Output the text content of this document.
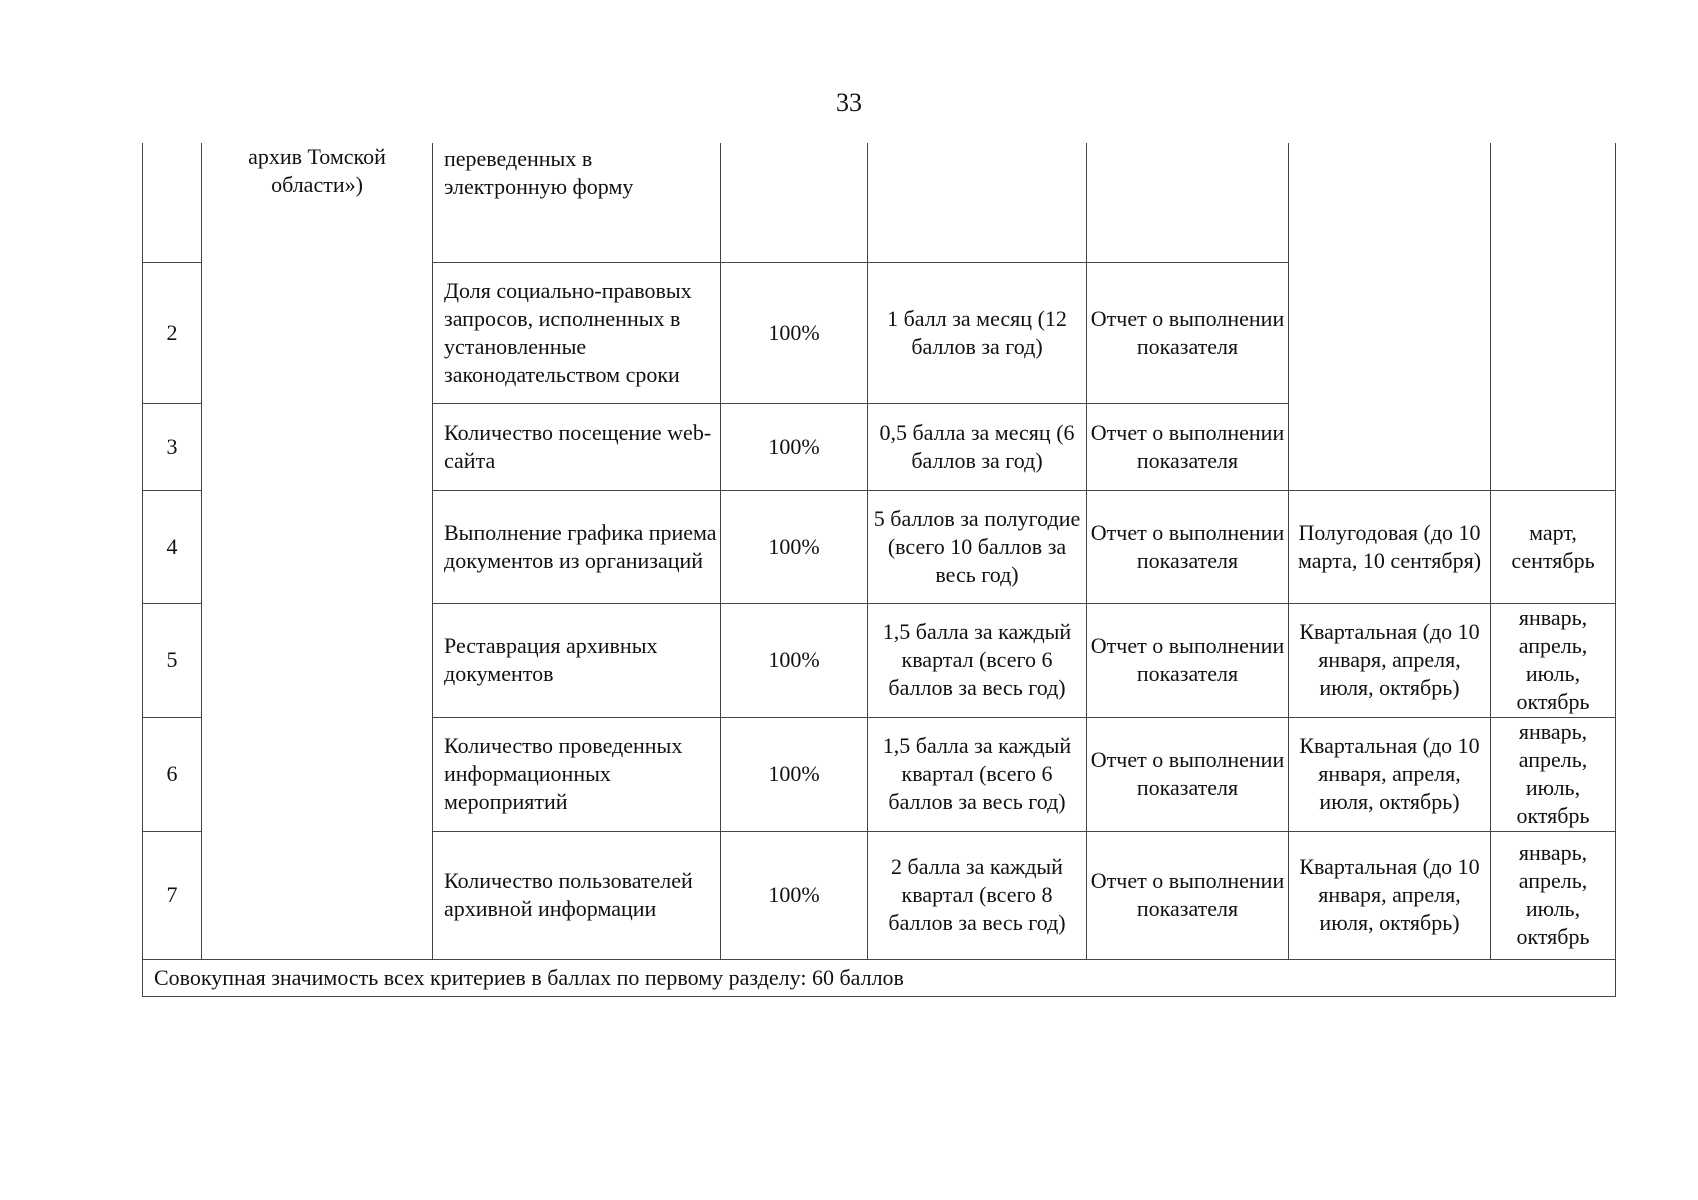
33
	архив Томской области»)	переведенных в электронную форму					
2		Доля социально-правовых запросов, исполненных в установленные законодательством сроки	100%	1 балл за месяц (12 баллов за год)	Отчет о выполнении показателя		
3		Количество посещение web-сайта	100%	0,5 балла за месяц (6 баллов за год)	Отчет о выполнении показателя		
4		Выполнение графика приема документов из организаций	100%	5 баллов за полугодие (всего 10 баллов за весь год)	Отчет о выполнении показателя	Полугодовая (до 10 марта, 10 сентября)	март, сентябрь
5		Реставрация архивных документов	100%	1,5 балла за каждый квартал (всего 6 баллов за весь год)	Отчет о выполнении показателя	Квартальная (до 10 января, апреля, июля, октябрь)	январь, апрель, июль, октябрь
6		Количество проведенных информационных мероприятий	100%	1,5 балла за каждый квартал (всего 6 баллов за весь год)	Отчет о выполнении показателя	Квартальная (до 10 января, апреля, июля, октябрь)	январь, апрель, июль, октябрь
7		Количество пользователей архивной информации	100%	2 балла за каждый квартал (всего 8 баллов за весь год)	Отчет о выполнении показателя	Квартальная (до 10 января, апреля, июля, октябрь)	январь, апрель, июль, октябрь
Совокупная значимость всех критериев в баллах по первому разделу: 60 баллов							
